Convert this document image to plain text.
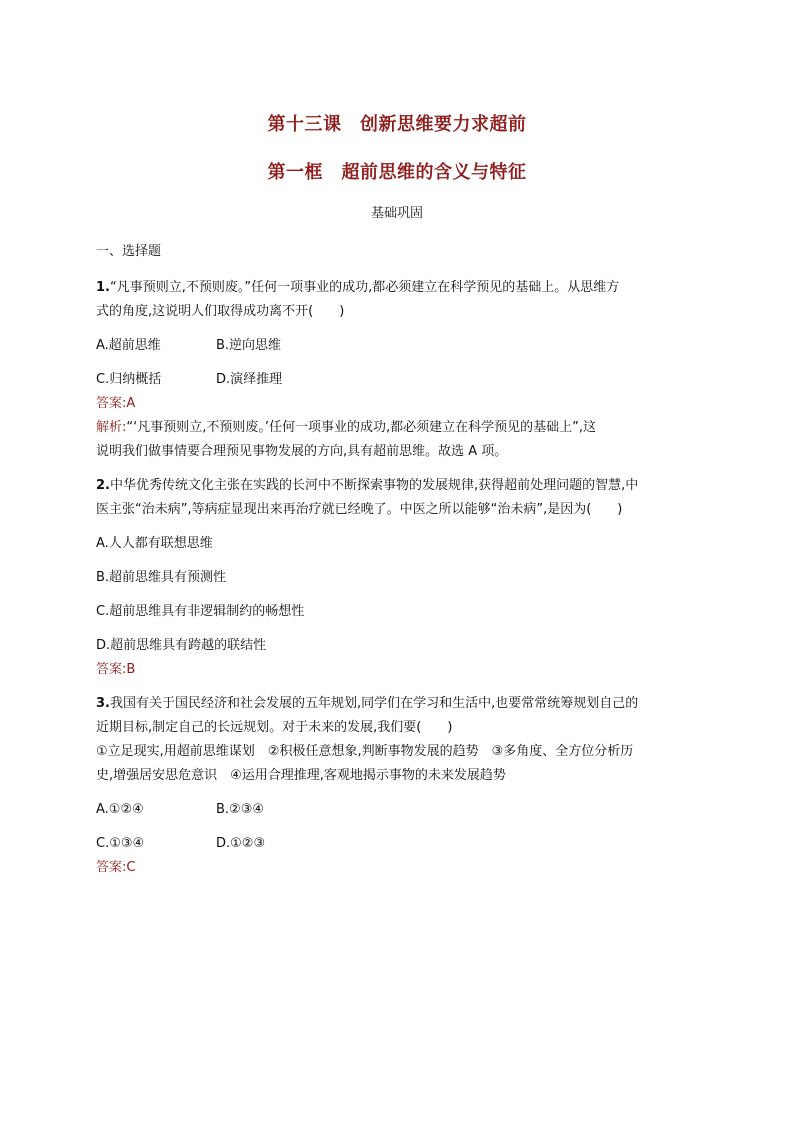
第十三课　创新思维要力求超前
第一框　超前思维的含义与特征
基础巩固

一、选择题

1.“凡事预则立,不预则废。”任何一项事业的成功,都必须建立在科学预见的基础上。从思维方

式的角度,这说明人们取得成功离不开(　　)

A.超前思维	B.逆向思维
C.归纳概括	D.演绎推理

答案:A

解析:“‘凡事预则立,不预则废。’任何一项事业的成功,都必须建立在科学预见的基础上”,这

说明我们做事情要合理预见事物发展的方向,具有超前思维。故选 A 项。

2.中华优秀传统文化主张在实践的长河中不断探索事物的发展规律,获得超前处理问题的智慧,中

医主张“治未病”,等病症显现出来再治疗就已经晚了。中医之所以能够“治未病”,是因为(　　)

A.人人都有联想思维

B.超前思维具有预测性

C.超前思维具有非逻辑制约的畅想性

D.超前思维具有跨越的联结性

答案:B

3.我国有关于国民经济和社会发展的五年规划,同学们在学习和生活中,也要常常统筹规划自己的

近期目标,制定自己的长远规划。对于未来的发展,我们要(　　)

①立足现实,用超前思维谋划　②积极任意想象,判断事物发展的趋势　③多角度、全方位分析历

史,增强居安思危意识　④运用合理推理,客观地揭示事物的未来发展趋势

A.①②④	B.②③④
C.①③④	D.①②③

答案:C
